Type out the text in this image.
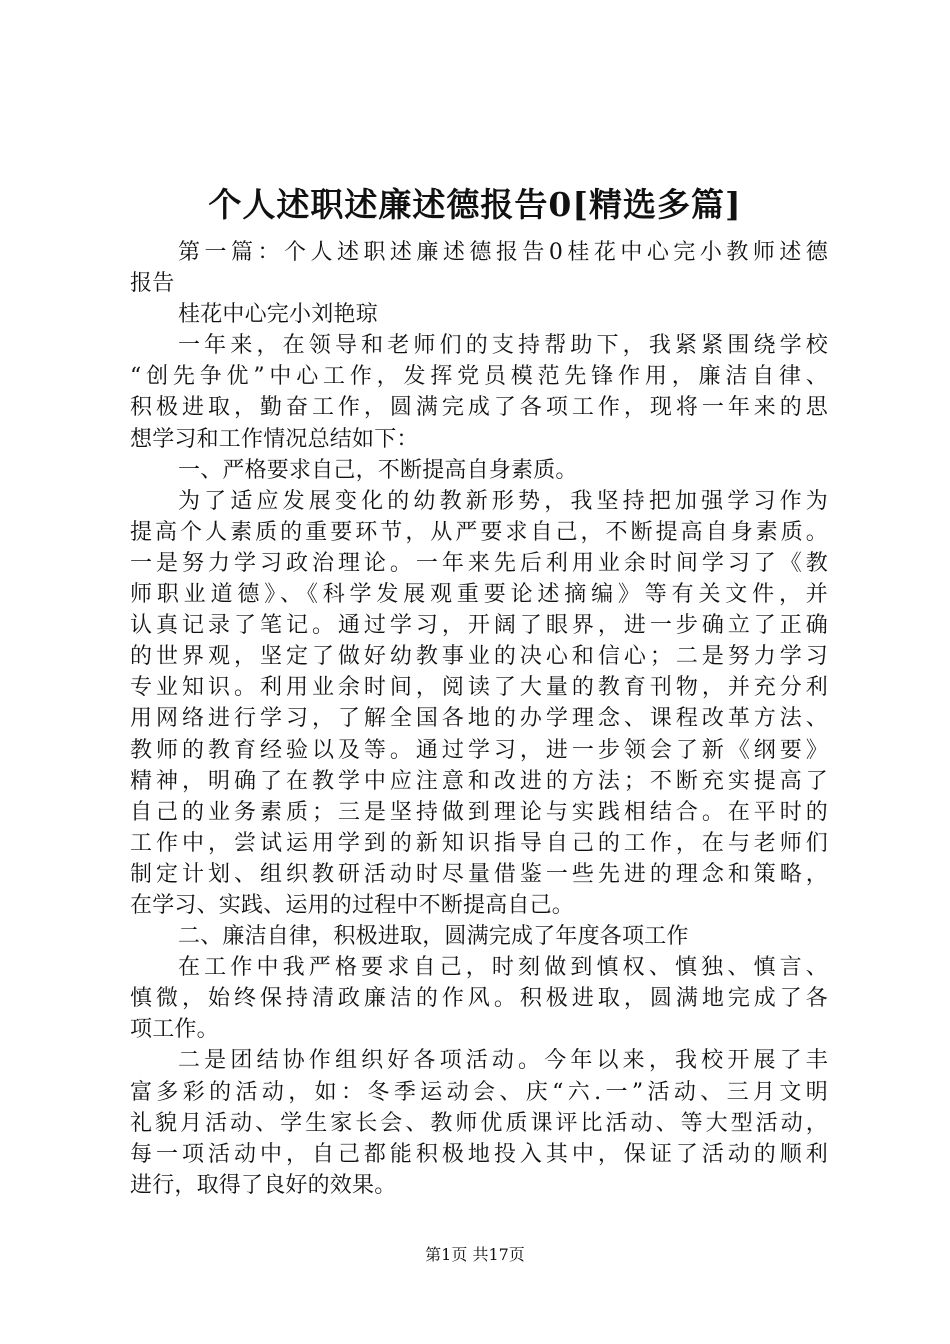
个人述职述廉述德报告0[精选多篇]
第一篇：个人述职述廉述德报告0桂花中心完小教师述德
报告
桂花中心完小刘艳琼
一年来，在领导和老师们的支持帮助下，我紧紧围绕学校
“创先争优”中心工作，发挥党员模范先锋作用，廉洁自律、
积极进取，勤奋工作，圆满完成了各项工作，现将一年来的思
想学习和工作情况总结如下：
一、严格要求自己，不断提高自身素质。
为了适应发展变化的幼教新形势，我坚持把加强学习作为
提高个人素质的重要环节，从严要求自己，不断提高自身素质。
一是努力学习政治理论。一年来先后利用业余时间学习了《教
师职业道德》、《科学发展观重要论述摘编》等有关文件，并
认真记录了笔记。通过学习，开阔了眼界，进一步确立了正确
的世界观，坚定了做好幼教事业的决心和信心；二是努力学习
专业知识。利用业余时间，阅读了大量的教育刊物，并充分利
用网络进行学习，了解全国各地的办学理念、课程改革方法、
教师的教育经验以及等。通过学习，进一步领会了新《纲要》
精神，明确了在教学中应注意和改进的方法；不断充实提高了
自己的业务素质；三是坚持做到理论与实践相结合。在平时的
工作中，尝试运用学到的新知识指导自己的工作，在与老师们
制定计划、组织教研活动时尽量借鉴一些先进的理念和策略，
在学习、实践、运用的过程中不断提高自己。
二、廉洁自律，积极进取，圆满完成了年度各项工作
在工作中我严格要求自己，时刻做到慎权、慎独、慎言、
慎微，始终保持清政廉洁的作风。积极进取，圆满地完成了各
项工作。
二是团结协作组织好各项活动。今年以来，我校开展了丰
富多彩的活动，如：冬季运动会、庆“六.一”活动、三月文明
礼貌月活动、学生家长会、教师优质课评比活动、等大型活动，
每一项活动中，自己都能积极地投入其中，保证了活动的顺利
进行，取得了良好的效果。
第1页 共17页
